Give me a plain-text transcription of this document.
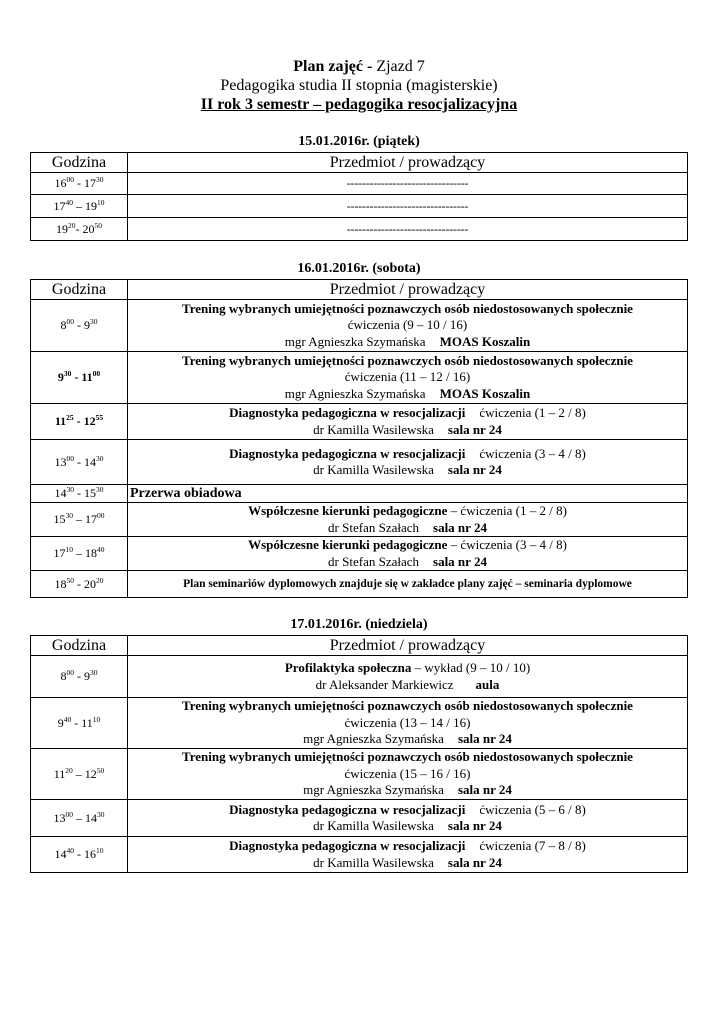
Plan zajęć - Zjazd 7
Pedagogika studia II stopnia (magisterskie)
II rok 3 semestr – pedagogika resocjalizacyjna
15.01.2016r. (piątek)
Godzina	Przedmiot / prowadzący
$16^{00} - 17^{30}$	--------------------------------
$17^{40} - 19^{10}$	--------------------------------
$19^{20}-$ $20^{50}$	--------------------------------
16.01.2016r. (sobota)
Godzina	Przedmiot / prowadzący
$8^{00} - 9^{30}$	Trening wybranych umiejętności poznawczych osób niedostosowanych społecznie
ćwiczenia (9 – 10 / 16)
mgr Agnieszka Szymańska MOAS Koszalin

$9^{30} - 11^{00}$	Trening wybranych umiejętności poznawczych osób niedostosowanych społecznie
ćwiczenia (11 – 12 / 16)
mgr Agnieszka Szymańska MOAS Koszalin

$11^{25} - 12^{55}$	Diagnostyka pedagogiczna w resocjalizacji ćwiczenia (1 – 2 / 8)
dr Kamilla Wasilewska sala nr 24

$13^{00} - 14^{30}$	Diagnostyka pedagogiczna w resocjalizacji ćwiczenia (3 – 4 / 8)
dr Kamilla Wasilewska sala nr 24

$14^{30} - 15^{30}$	Przerwa obiadowa
$15^{30} - 17^{00}$	Współczesne kierunki pedagogiczne – ćwiczenia (1 – 2 / 8)
dr Stefan Szałach sala nr 24

$17^{10} - 18^{40}$	Współczesne kierunki pedagogiczne – ćwiczenia (3 – 4 / 8)
dr Stefan Szałach sala nr 24

$18^{50} - 20^{20}$	Plan seminariów dyplomowych znajduje się w zakładce plany zajęć – seminaria dyplomowe
17.01.2016r. (niedziela)
Godzina	Przedmiot / prowadzący
$8^{00} - 9^{30}$	Profilaktyka społeczna – wykład (9 – 10 / 10)
dr Aleksander Markiewicz aula

$9^{40} - 11^{10}$	Trening wybranych umiejętności poznawczych osób niedostosowanych społecznie
ćwiczenia (13 – 14 / 16)
mgr Agnieszka Szymańska sala nr 24

$11^{20} - 12^{50}$	Trening wybranych umiejętności poznawczych osób niedostosowanych społecznie
ćwiczenia (15 – 16 / 16)
mgr Agnieszka Szymańska sala nr 24

$13^{00} - 14^{30}$	Diagnostyka pedagogiczna w resocjalizacji ćwiczenia (5 – 6 / 8)
dr Kamilla Wasilewska sala nr 24

$14^{40} - 16^{10}$	Diagnostyka pedagogiczna w resocjalizacji ćwiczenia (7 – 8 / 8)
dr Kamilla Wasilewska sala nr 24
